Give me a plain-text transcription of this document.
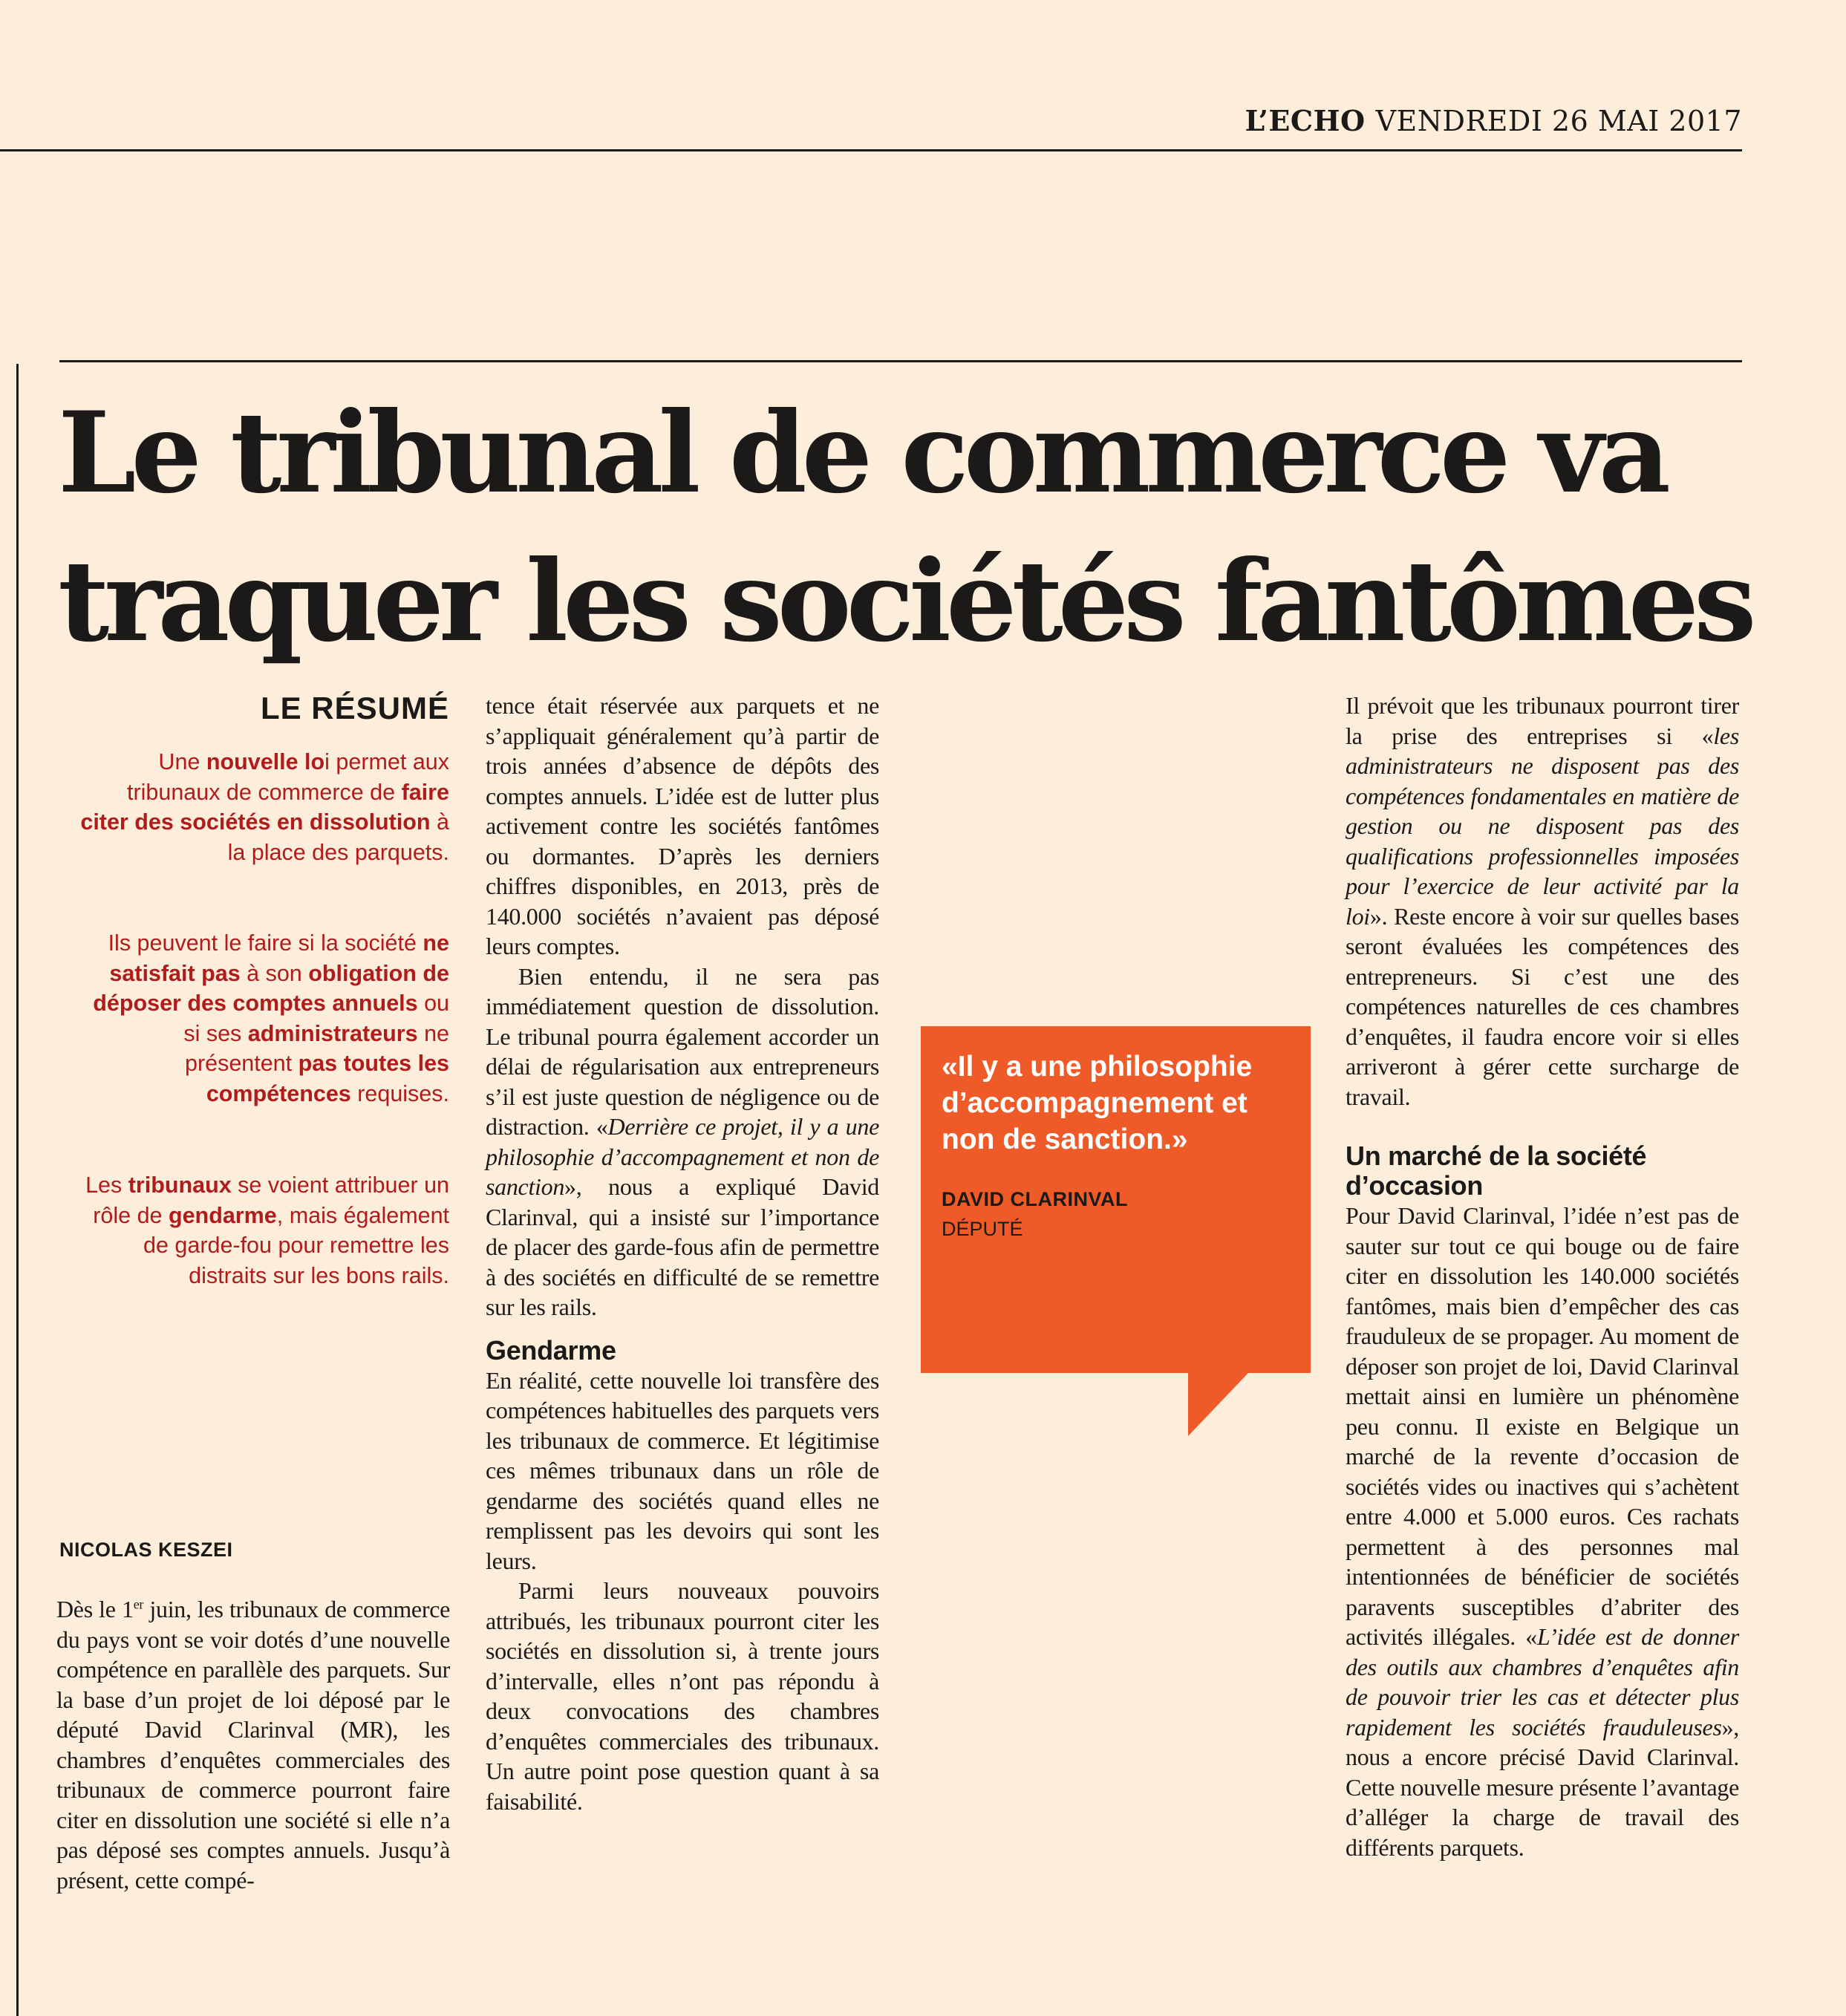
L’ECHO VENDREDI 26 MAI 2017
Le tribunal de commerce va
traquer les sociétés fantômes
LE RÉSUMÉ

Une nouvelle loi permet aux tribunaux de commerce de faire citer des sociétés en dissolution à la place des parquets.

Ils peuvent le faire si la société ne satisfait pas à son obligation de déposer des comptes annuels ou si ses administrateurs ne présentent pas toutes les compétences requises.

Les tribunaux se voient attribuer un rôle de gendarme, mais également de garde-fou pour remettre les distraits sur les bons rails.

NICOLAS KESZEI

Dès le 1er juin, les tribunaux de commerce du pays vont se voir dotés d’une nouvelle compétence en parallèle des parquets. Sur la base d’un projet de loi déposé par le député David Clarinval (MR), les chambres d’enquêtes commerciales des tribunaux de commerce pourront faire citer en dissolution une société si elle n’a pas déposé ses comptes annuels. Jusqu’à présent, cette compé-

tence était réservée aux parquets et ne s’appliquait généralement qu’à partir de trois années d’absence de dépôts des comptes annuels. L’idée est de lutter plus activement contre les sociétés fantômes ou dormantes. D’après les derniers chiffres disponibles, en 2013, près de 140.000 sociétés n’avaient pas déposé leurs comptes.

Bien entendu, il ne sera pas immédiatement question de dissolution. Le tribunal pourra également accorder un délai de régularisation aux entrepreneurs s’il est juste question de négligence ou de distraction. «Derrière ce projet, il y a une philosophie d’accompagnement et non de sanction», nous a expliqué David Clarinval, qui a insisté sur l’importance de placer des garde-fous afin de permettre à des sociétés en difficulté de se remettre sur les rails.

Gendarme

En réalité, cette nouvelle loi transfère des compétences habituelles des parquets vers les tribunaux de commerce. Et légitimise ces mêmes tribunaux dans un rôle de gendarme des sociétés quand elles ne remplissent pas les devoirs qui sont les leurs.

Parmi leurs nouveaux pouvoirs attribués, les tribunaux pourront citer les sociétés en dissolution si, à trente jours d’intervalle, elles n’ont pas répondu à deux convocations des chambres d’enquêtes commerciales des tribunaux. Un autre point pose question quant à sa faisabilité.

«Il y a une philosophie d’accompagnement et non de sanction.»

DAVID CLARINVAL
DÉPUTÉ

Il prévoit que les tribunaux pourront tirer la prise des entreprises si «les administrateurs ne disposent pas des compétences fondamentales en matière de gestion ou ne disposent pas des qualifications professionnelles imposées pour l’exercice de leur activité par la loi». Reste encore à voir sur quelles bases seront évaluées les compétences des entrepreneurs. Si c’est une des compétences naturelles de ces chambres d’enquêtes, il faudra encore voir si elles arriveront à gérer cette surcharge de travail.

Un marché de la société d’occasion

Pour David Clarinval, l’idée n’est pas de sauter sur tout ce qui bouge ou de faire citer en dissolution les 140.000 sociétés fantômes, mais bien d’empêcher des cas frauduleux de se propager. Au moment de déposer son projet de loi, David Clarinval mettait ainsi en lumière un phénomène peu connu. Il existe en Belgique un marché de la revente d’occasion de sociétés vides ou inactives qui s’achètent entre 4.000 et 5.000 euros. Ces rachats permettent à des personnes mal intentionnées de bénéficier de sociétés paravents susceptibles d’abriter des activités illégales. «L’idée est de donner des outils aux chambres d’enquêtes afin de pouvoir trier les cas et détecter plus rapidement les sociétés frauduleuses», nous a encore précisé David Clarinval. Cette nouvelle mesure présente l’avantage d’alléger la charge de travail des différents parquets.
